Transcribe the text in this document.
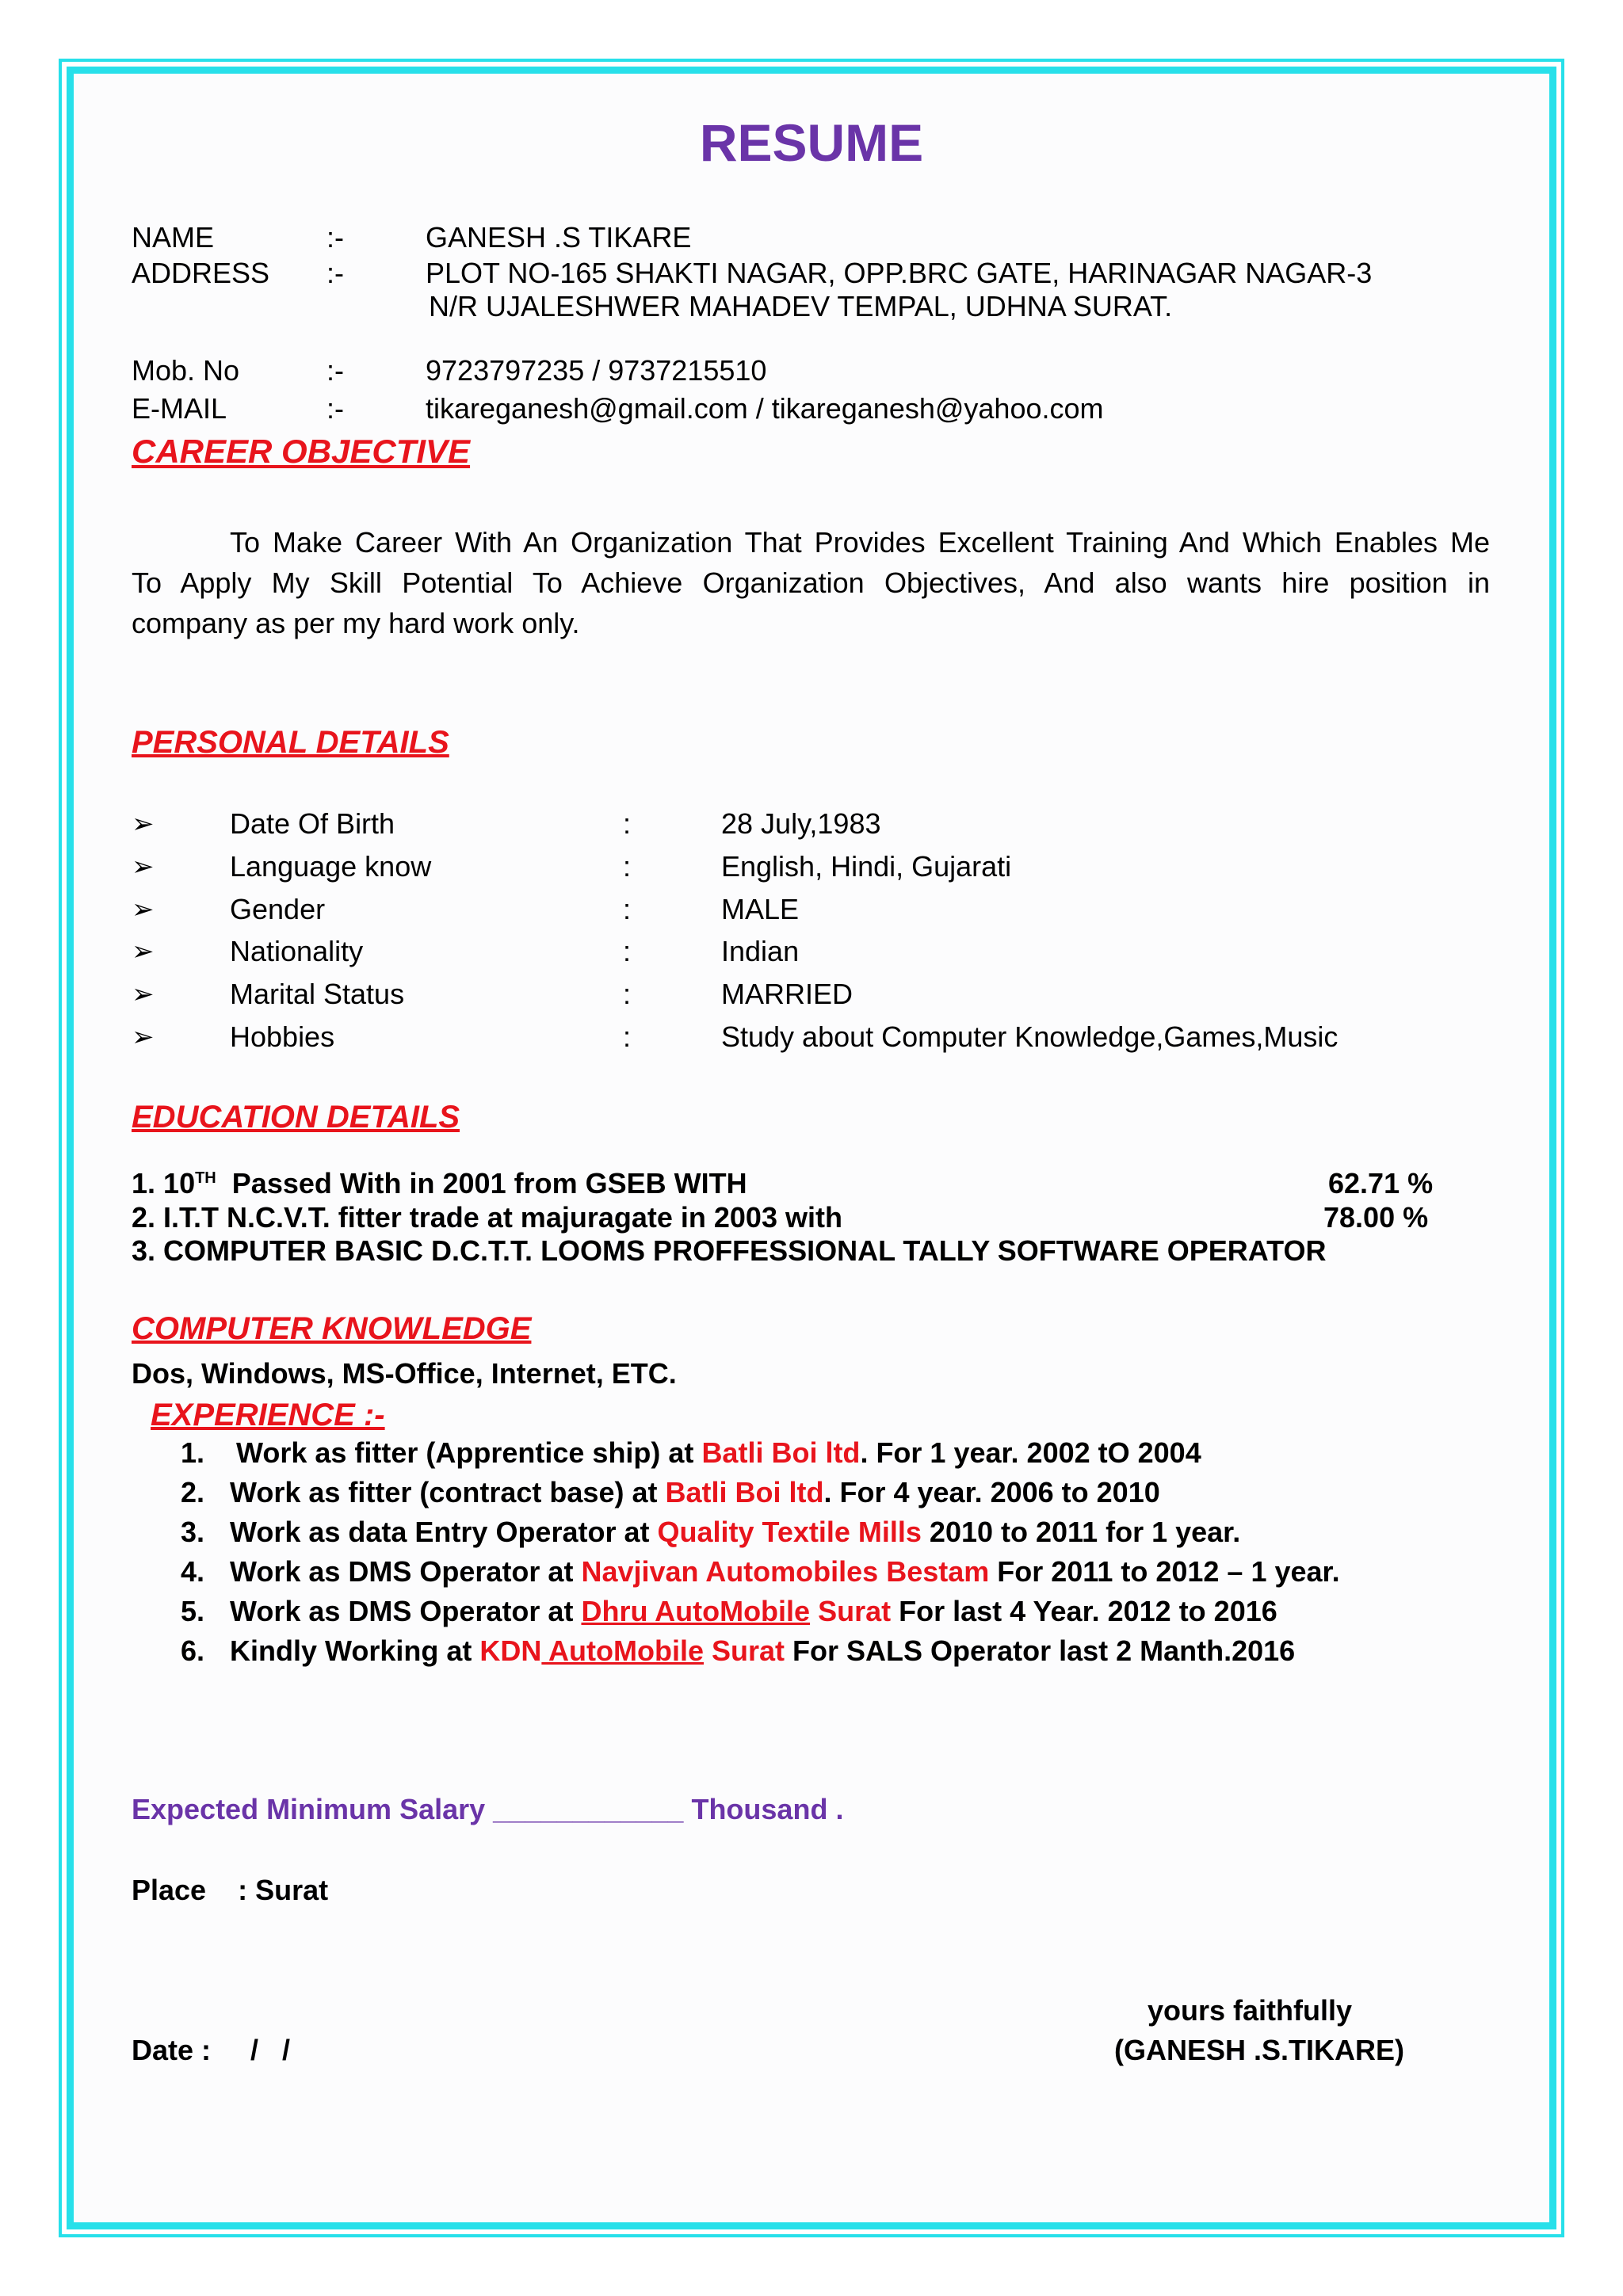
RESUME
NAME	:-	GANESH .S TIKARE
ADDRESS :-	PLOT NO-165 SHAKTI NAGAR, OPP.BRC GATE, HARINAGAR NAGAR-3
N/R UJALESHWER MAHADEV TEMPAL, UDHNA SURAT.
Mob. No	:-	9723797235 / 9737215510
E-MAIL	:-	tikareganesh@gmail.com / tikareganesh@yahoo.com
CAREER OBJECTIVE
To Make Career With An Organization That Provides Excellent Training And Which Enables Me
To Apply My Skill Potential To Achieve Organization Objectives, And also wants hire position in
company as per my hard work only.
PERSONAL DETAILS
➢	Date Of Birth	:	28 July,1983
➢	Language know	:	English, Hindi, Gujarati
➢	Gender	:	MALE
➢	Nationality	:	Indian
➢	Marital Status	:	MARRIED
➢	Hobbies	:	Study about Computer Knowledge,Games,Music
EDUCATION DETAILS
1. 10TH Passed With in 2001 from GSEB WITH	62.71 %
2. I.T.T N.C.V.T. fitter trade at majuragate in 2003 with	78.00 %
3. COMPUTER BASIC D.C.T.T. LOOMS PROFFESSIONAL TALLY SOFTWARE OPERATOR
COMPUTER KNOWLEDGE
Dos, Windows, MS-Office, Internet, ETC.
EXPERIENCE :-
1. Work as fitter (Apprentice ship) at Batli Boi ltd. For 1 year. 2002 tO 2004
2. Work as fitter (contract base) at Batli Boi ltd. For 4 year. 2006 to 2010
3. Work as data Entry Operator at Quality Textile Mills 2010 to 2011 for 1 year.
4. Work as DMS Operator at Navjivan Automobiles Bestam For 2011 to 2012 – 1 year.
5. Work as DMS Operator at Dhru AutoMobile Surat For last 4 Year. 2012 to 2016
6. Kindly Working at KDN AutoMobile Surat For SALS Operator last 2 Manth.2016
Expected Minimum Salary ____________ Thousand .
Place    : Surat
yours faithfully
Date :     /   /	(GANESH .S.TIKARE)
